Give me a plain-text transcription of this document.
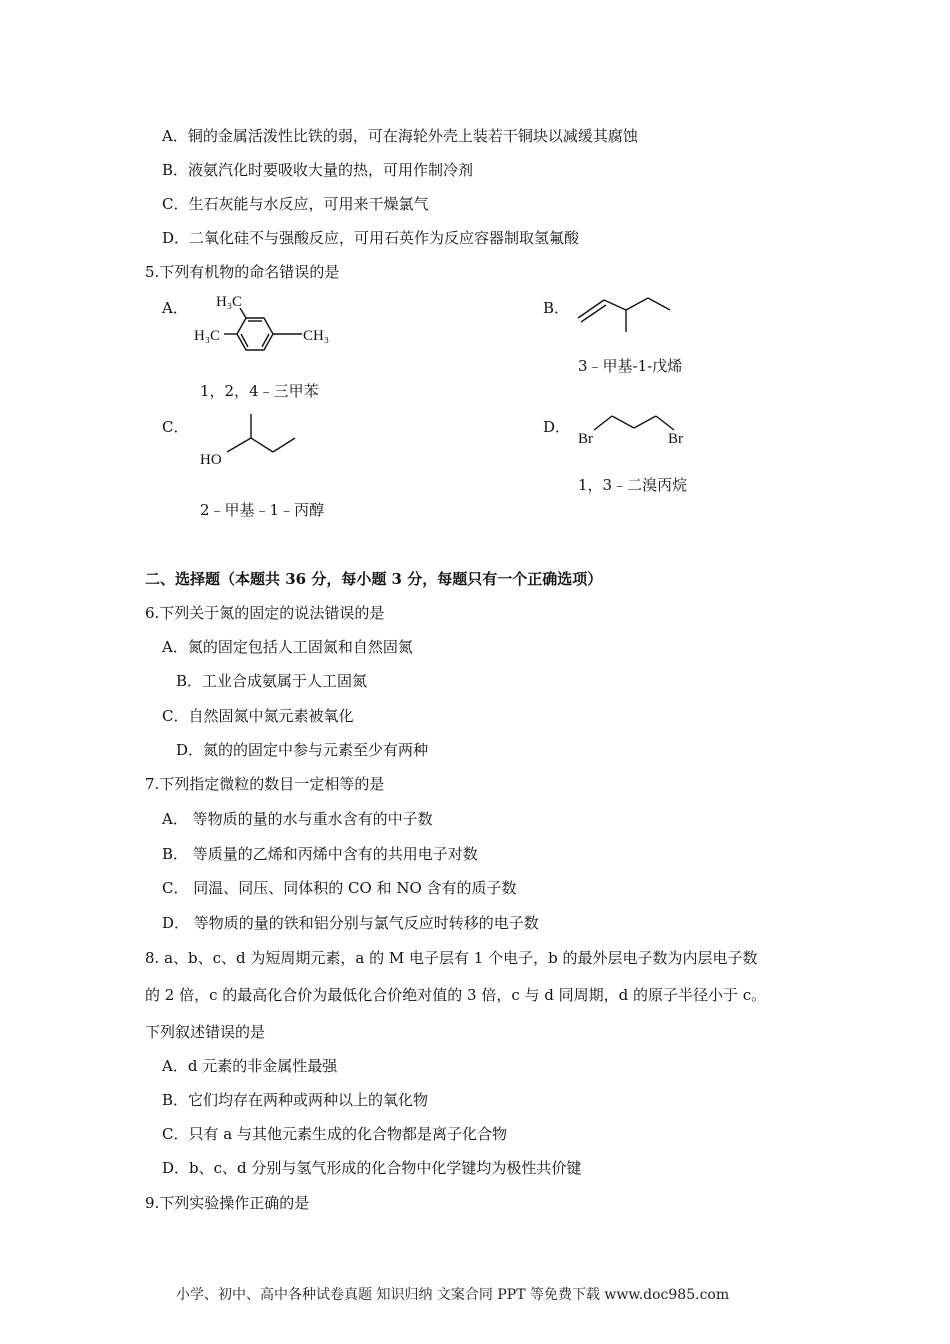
A．铜的金属活泼性比铁的弱，可在海轮外壳上装若干铜块以减缓其腐蚀
B．液氨汽化时要吸收大量的热，可用作制冷剂
C．生石灰能与水反应，可用来干燥氯气
D．二氧化硅不与强酸反应，可用石英作为反应容器制取氢氟酸
5.下列有机物的命名错误的是
A． H₃C
H₃C	CH₃
1，2，4﹣三甲苯
B．
3﹣甲基-1-戊烯
C．
HO
2﹣甲基﹣1﹣丙醇
D．
Br	Br
1，3﹣二溴丙烷
二、选择题（本题共 36 分，每小题 3 分，每题只有一个正确选项）
6.下列关于氮的固定的说法错误的是
A．氮的固定包括人工固氮和自然固氮
B．工业合成氨属于人工固氮
C．自然固氮中氮元素被氧化
D．氮的的固定中参与元素至少有两种
7.下列指定微粒的数目一定相等的是
A． 等物质的量的水与重水含有的中子数
B． 等质量的乙烯和丙烯中含有的共用电子对数
C． 同温、同压、同体积的 CO 和 NO 含有的质子数
D． 等物质的量的铁和铝分别与氯气反应时转移的电子数
8. a、b、c、d 为短周期元素，a 的 M 电子层有 1 个电子，b 的最外层电子数为内层电子数
的 2 倍，c 的最高化合价为最低化合价绝对值的 3 倍，c 与 d 同周期，d 的原子半径小于 c。
下列叙述错误的是
A．d 元素的非金属性最强
B．它们均存在两种或两种以上的氧化物
C．只有 a 与其他元素生成的化合物都是离子化合物
D．b、c、d 分别与氢气形成的化合物中化学键均为极性共价键
9.下列实验操作正确的是
小学、初中、高中各种试卷真题 知识归纳 文案合同 PPT 等免费下载 www.doc985.com
